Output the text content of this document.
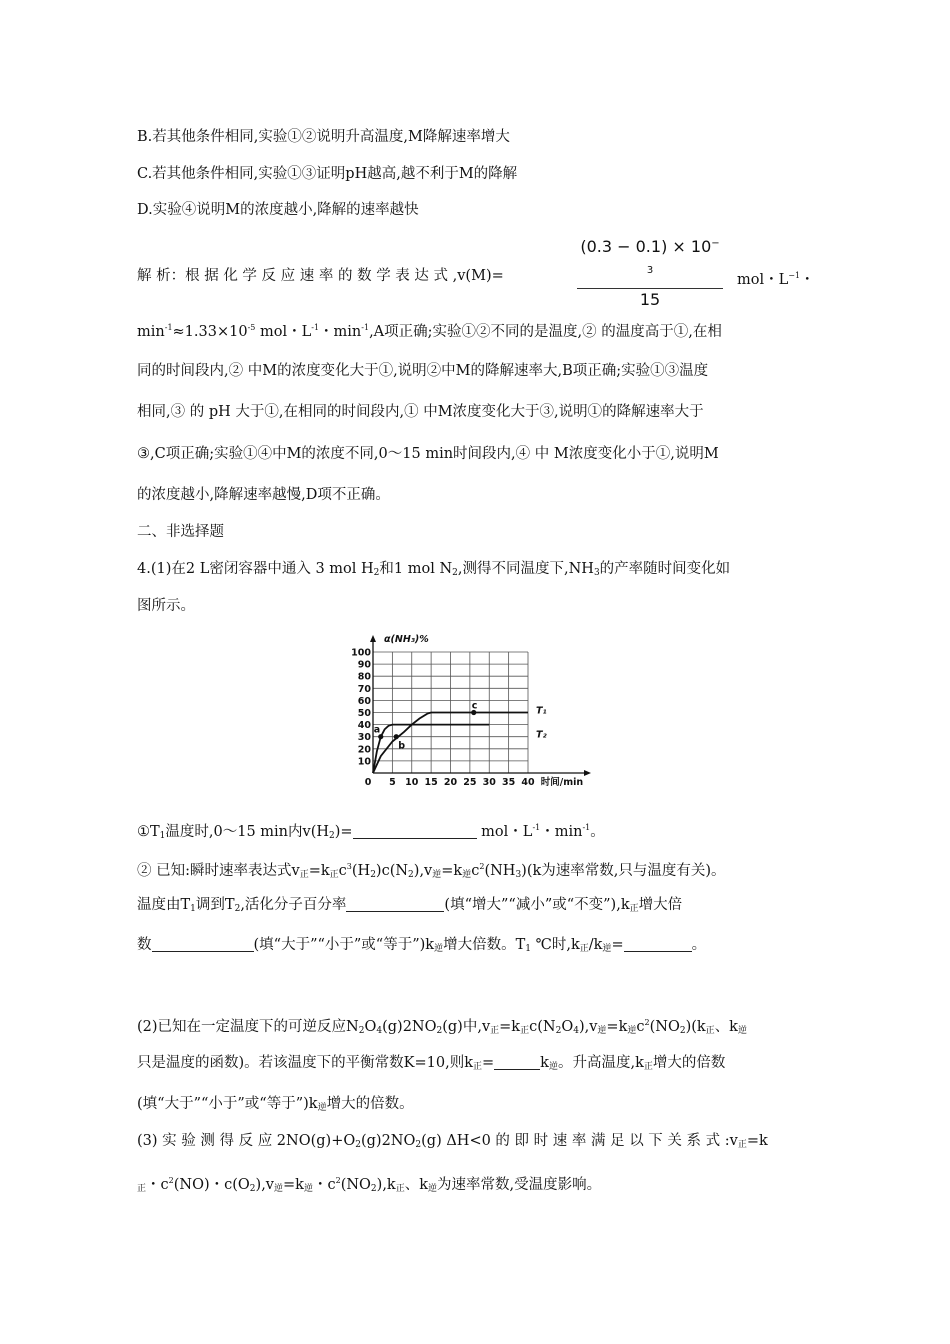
B.若其他条件相同,实验①②说明升高温度,M降解速率增大
C.若其他条件相同,实验①③证明pH越高,越不利于M的降解
D.实验④说明M的浓度越小,降解的速率越快
解 析：根 据 化 学 反 应 速 率 的 数 学 表 达 式 ,v(M)=	$\frac{(0.3 - 0.1) \times 10^{- 3}}{15}$ mol・$L^{-1}$・
$\min^{-1}\approx 1.33\times 10^{-5}$ mol・$L^{-1}$・$\min^{-1},A$项正确;实验①②不同的是温度,② 的温度高于①,在相
同的时间段内,② 中M的浓度变化大于①,说明②中M的降解速率大,B项正确;实验①③温度
相同,③ 的 pH 大于①,在相同的时间段内,① 中M浓度变化大于③,说明①的降解速率大于
③,C项正确;实验①④中M的浓度不同,0～15 min时间段内,④ 中 M浓度变化小于①,说明M
的浓度越小,降解速率越慢,D项不正确。
二、非选择题
4.(1)在2 L密闭容器中通入 3 mol $H_2$和1 mol $N_2$,测得不同温度下$,NH_3$的产率随时间变化如
图所示。
10
20
30
40
50
60
70
80
90
100
0 5 10 15 20 25 30 35 40
α(NH₃)%
时间/min
T₁
T₂
a
b
c
$①T_1$温度时,0～15 min内$v(H_2)=$	mol・$L^{-1}$・$\min^{-1}$。
② 已知:瞬时速率表达式$v_正=k_正c^3(H_2)c(N_2),v_逆=k_逆c^2(NH_3)(k$为速率常数,只与温度有关)。
温度由$T_1$调到$T_2$,活化分子百分率	(填“增大”“减小”或“不变$”),k_正$增大倍
数	(填“大于”“小于”或“等于$”)k_逆$增大倍数。$T_1$ ℃时$,k_正/k_逆=$	。
(2)已知在一定温度下的可逆反应$N_2O_4(g)2NO_2(g)$中$,v_正=k_正c(N_2O_4),v_逆=k_逆c^2(NO_2)(k_正$、$k_逆$
只是温度的函数)。若该温度下的平衡常数K=10,则$k_正=$	$k_逆$。升高温度$,k_正$增大的倍数
(填“大于”“小于”或“等于$”)k_逆$增大的倍数。
(3) 实 验 测 得 反 应 $2NO(g)+O_2(g)2NO_2(g)$ ΔH<0 的 即 时 速 率 满 足 以 下 关 系 式 $:v_正=k$
$_正$・$c^2(NO)$・$c(O_2),v_逆=k_逆$・$c^2(NO_2),k_正$、$k_逆$为速率常数,受温度影响。
